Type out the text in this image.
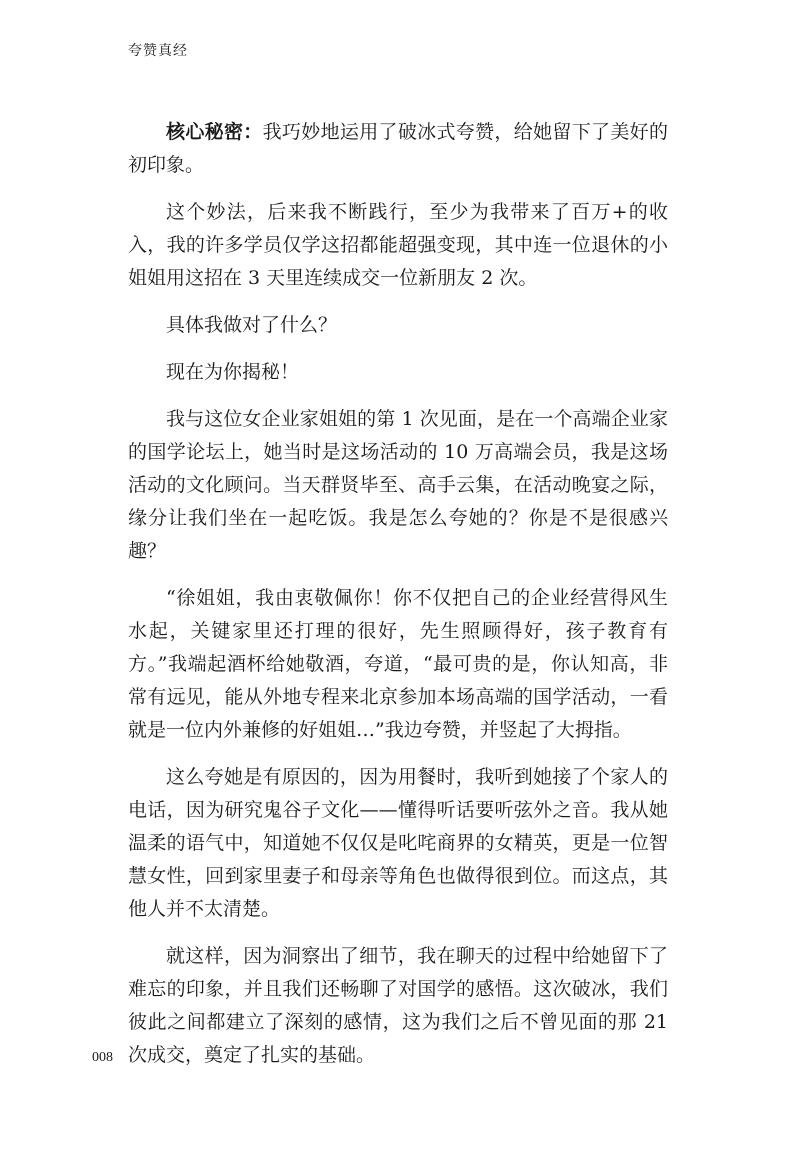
夸赞真经

核心秘密：我巧妙地运用了破冰式夸赞，给她留下了美好的初印象。

这个妙法，后来我不断践行，至少为我带来了百万+的收入，我的许多学员仅学这招都能超强变现，其中连一位退休的小姐姐用这招在 3 天里连续成交一位新朋友 2 次。

具体我做对了什么？

现在为你揭秘！

我与这位女企业家姐姐的第 1 次见面，是在一个高端企业家的国学论坛上，她当时是这场活动的 10 万高端会员，我是这场活动的文化顾问。当天群贤毕至、高手云集，在活动晚宴之际，缘分让我们坐在一起吃饭。我是怎么夸她的？你是不是很感兴趣？

“徐姐姐，我由衷敬佩你！你不仅把自己的企业经营得风生水起，关键家里还打理的很好，先生照顾得好，孩子教育有方。”我端起酒杯给她敬酒，夸道，“最可贵的是，你认知高，非常有远见，能从外地专程来北京参加本场高端的国学活动，一看就是一位内外兼修的好姐姐…”我边夸赞，并竖起了大拇指。

这么夸她是有原因的，因为用餐时，我听到她接了个家人的电话，因为研究鬼谷子文化——懂得听话要听弦外之音。我从她温柔的语气中，知道她不仅仅是叱咤商界的女精英，更是一位智慧女性，回到家里妻子和母亲等角色也做得很到位。而这点，其他人并不太清楚。

就这样，因为洞察出了细节，我在聊天的过程中给她留下了难忘的印象，并且我们还畅聊了对国学的感悟。这次破冰，我们彼此之间都建立了深刻的感情，这为我们之后不曾见面的那 21 次成交，奠定了扎实的基础。

008
